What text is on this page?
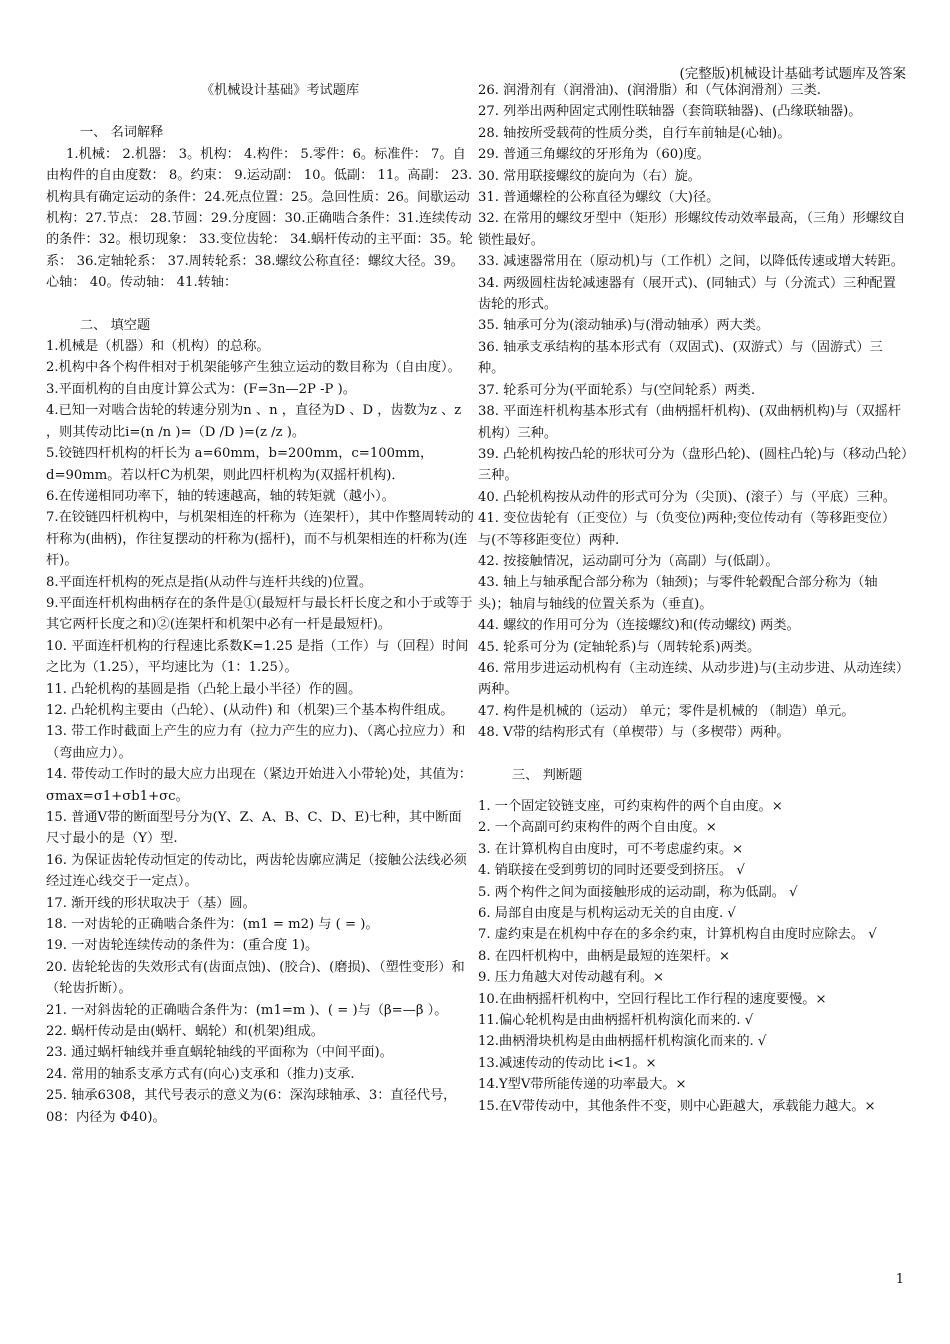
(完整版)机械设计基础考试题库及答案

《机械设计基础》考试题库

一、 名词解释

1.机械： 2.机器： 3。机构： 4.构件： 5.零件：6。标准件： 7。自由构件的自由度数： 8。约束： 9.运动副： 10。低副： 11。高副： 23.机构具有确定运动的条件：24.死点位置：25。急回性质：26。间歇运动机构：27.节点： 28.节圆：29.分度圆：30.正确啮合条件：31.连续传动的条件：32。根切现象： 33.变位齿轮： 34.蜗杆传动的主平面：35。轮系： 36.定轴轮系： 37.周转轮系：38.螺纹公称直径：螺纹大径。39。心轴： 40。传动轴： 41.转轴：

二、 填空题

1.机械是（机器）和（机构）的总称。

2.机构中各个构件相对于机架能够产生独立运动的数目称为（自由度）。

3.平面机构的自由度计算公式为：(F=3n—2P -P )。

4.已知一对啮合齿轮的转速分别为n 、n ，直径为D 、D ，齿数为z 、z ，则其传动比i=(n /n )=（D /D )=(z /z )。

5.铰链四杆机构的杆长为 a=60mm，b=200mm，c=100mm，d=90mm。若以杆C为机架，则此四杆机构为(双摇杆机构)．

6.在传递相同功率下，轴的转速越高，轴的转矩就（越小）。

7.在铰链四杆机构中，与机架相连的杆称为（连架杆），其中作整周转动的杆称为(曲柄)，作往复摆动的杆称为(摇杆)，而不与机架相连的杆称为(连杆)。

8.平面连杆机构的死点是指(从动件与连杆共线的)位置。

9.平面连杆机构曲柄存在的条件是①(最短杆与最长杆长度之和小于或等于其它两杆长度之和)②(连架杆和机架中必有一杆是最短杆)。

10. 平面连杆机构的行程速比系数K=1.25 是指（工作）与（回程）时间之比为（1.25），平均速比为（1：1.25）。

11. 凸轮机构的基圆是指（凸轮上最小半径）作的圆。

12. 凸轮机构主要由（凸轮）、(从动件) 和（机架)三个基本构件组成。

13. 带工作时截面上产生的应力有（拉力产生的应力)、（离心拉应力）和（弯曲应力）。

14. 带传动工作时的最大应力出现在（紧边开始进入小带轮)处，其值为：σmax=σ1+σb1+σc。

15. 普通V带的断面型号分为(Y、Z、A、B、C、D、E)七种，其中断面尺寸最小的是（Y）型.

16. 为保证齿轮传动恒定的传动比，两齿轮齿廓应满足（接触公法线必须经过连心线交于一定点）。

17. 渐开线的形状取决于（基）圆。

18. 一对齿轮的正确啮合条件为：(m1 = m2) 与 ( = )。

19. 一对齿轮连续传动的条件为：(重合度 1)。

20. 齿轮轮齿的失效形式有(齿面点蚀)、(胶合)、(磨损)、（塑性变形）和（轮齿折断）。

21. 一对斜齿轮的正确啮合条件为：(m1=m )、( = )与（β=—β ）。

22. 蜗杆传动是由(蜗杆、蜗轮）和(机架)组成。

23. 通过蜗杆轴线并垂直蜗轮轴线的平面称为（中间平面)。

24. 常用的轴系支承方式有(向心)支承和（推力)支承.

25. 轴承6308，其代号表示的意义为(6：深沟球轴承、3：直径代号，08：内径为 Φ40)。

26. 润滑剂有（润滑油)、(润滑脂）和（气体润滑剂）三类.

27. 列举出两种固定式刚性联轴器（套筒联轴器)、(凸缘联轴器)。

28. 轴按所受载荷的性质分类，自行车前轴是(心轴)。

29. 普通三角螺纹的牙形角为（60)度。

30. 常用联接螺纹的旋向为（右）旋。

31. 普通螺栓的公称直径为螺纹（大)径。

32. 在常用的螺纹牙型中（矩形）形螺纹传动效率最高，（三角）形螺纹自锁性最好。

33. 减速器常用在（原动机)与（工作机）之间，以降低传速或增大转距。

34. 两级圆柱齿轮减速器有（展开式)、(同轴式）与（分流式）三种配置齿轮的形式。

35. 轴承可分为(滚动轴承)与(滑动轴承）两大类。

36. 轴承支承结构的基本形式有（双固式)、(双游式）与（固游式）三种。

37. 轮系可分为(平面轮系）与(空间轮系）两类.

38. 平面连杆机构基本形式有（曲柄摇杆机构)、(双曲柄机构)与（双摇杆机构）三种。

39. 凸轮机构按凸轮的形状可分为（盘形凸轮)、(圆柱凸轮)与（移动凸轮）三种。

40. 凸轮机构按从动件的形式可分为（尖顶)、(滚子）与（平底）三种。

41. 变位齿轮有（正变位）与（负变位)两种;变位传动有（等移距变位）与(不等移距变位）两种.

42. 按接触情况，运动副可分为（高副）与(低副）。

43. 轴上与轴承配合部分称为（轴颈)；与零件轮毂配合部分称为（轴头)；轴肩与轴线的位置关系为（垂直)。

44. 螺纹的作用可分为（连接螺纹)和(传动螺纹) 两类。

45. 轮系可分为 (定轴轮系)与（周转轮系)两类。

46. 常用步进运动机构有（主动连续、从动步进)与(主动步进、从动连续）两种。

47. 构件是机械的（运动） 单元；零件是机械的 （制造）单元。

48. V带的结构形式有（单楔带）与（多楔带）两种。

三、 判断题

1. 一个固定铰链支座，可约束构件的两个自由度。×

2. 一个高副可约束构件的两个自由度。×

3. 在计算机构自由度时，可不考虑虚约束。×

4. 销联接在受到剪切的同时还要受到挤压。 √

5. 两个构件之间为面接触形成的运动副，称为低副。 √

6. 局部自由度是与机构运动无关的自由度. √

7. 虚约束是在机构中存在的多余约束，计算机构自由度时应除去。 √

8. 在四杆机构中，曲柄是最短的连架杆。×

9. 压力角越大对传动越有利。×

10.在曲柄摇杆机构中，空回行程比工作行程的速度要慢。×

11.偏心轮机构是由曲柄摇杆机构演化而来的. √

12.曲柄滑块机构是由曲柄摇杆机构演化而来的. √

13.减速传动的传动比 i<1。×

14.Y型V带所能传递的功率最大。×

15.在V带传动中，其他条件不变，则中心距越大，承载能力越大。×

1
